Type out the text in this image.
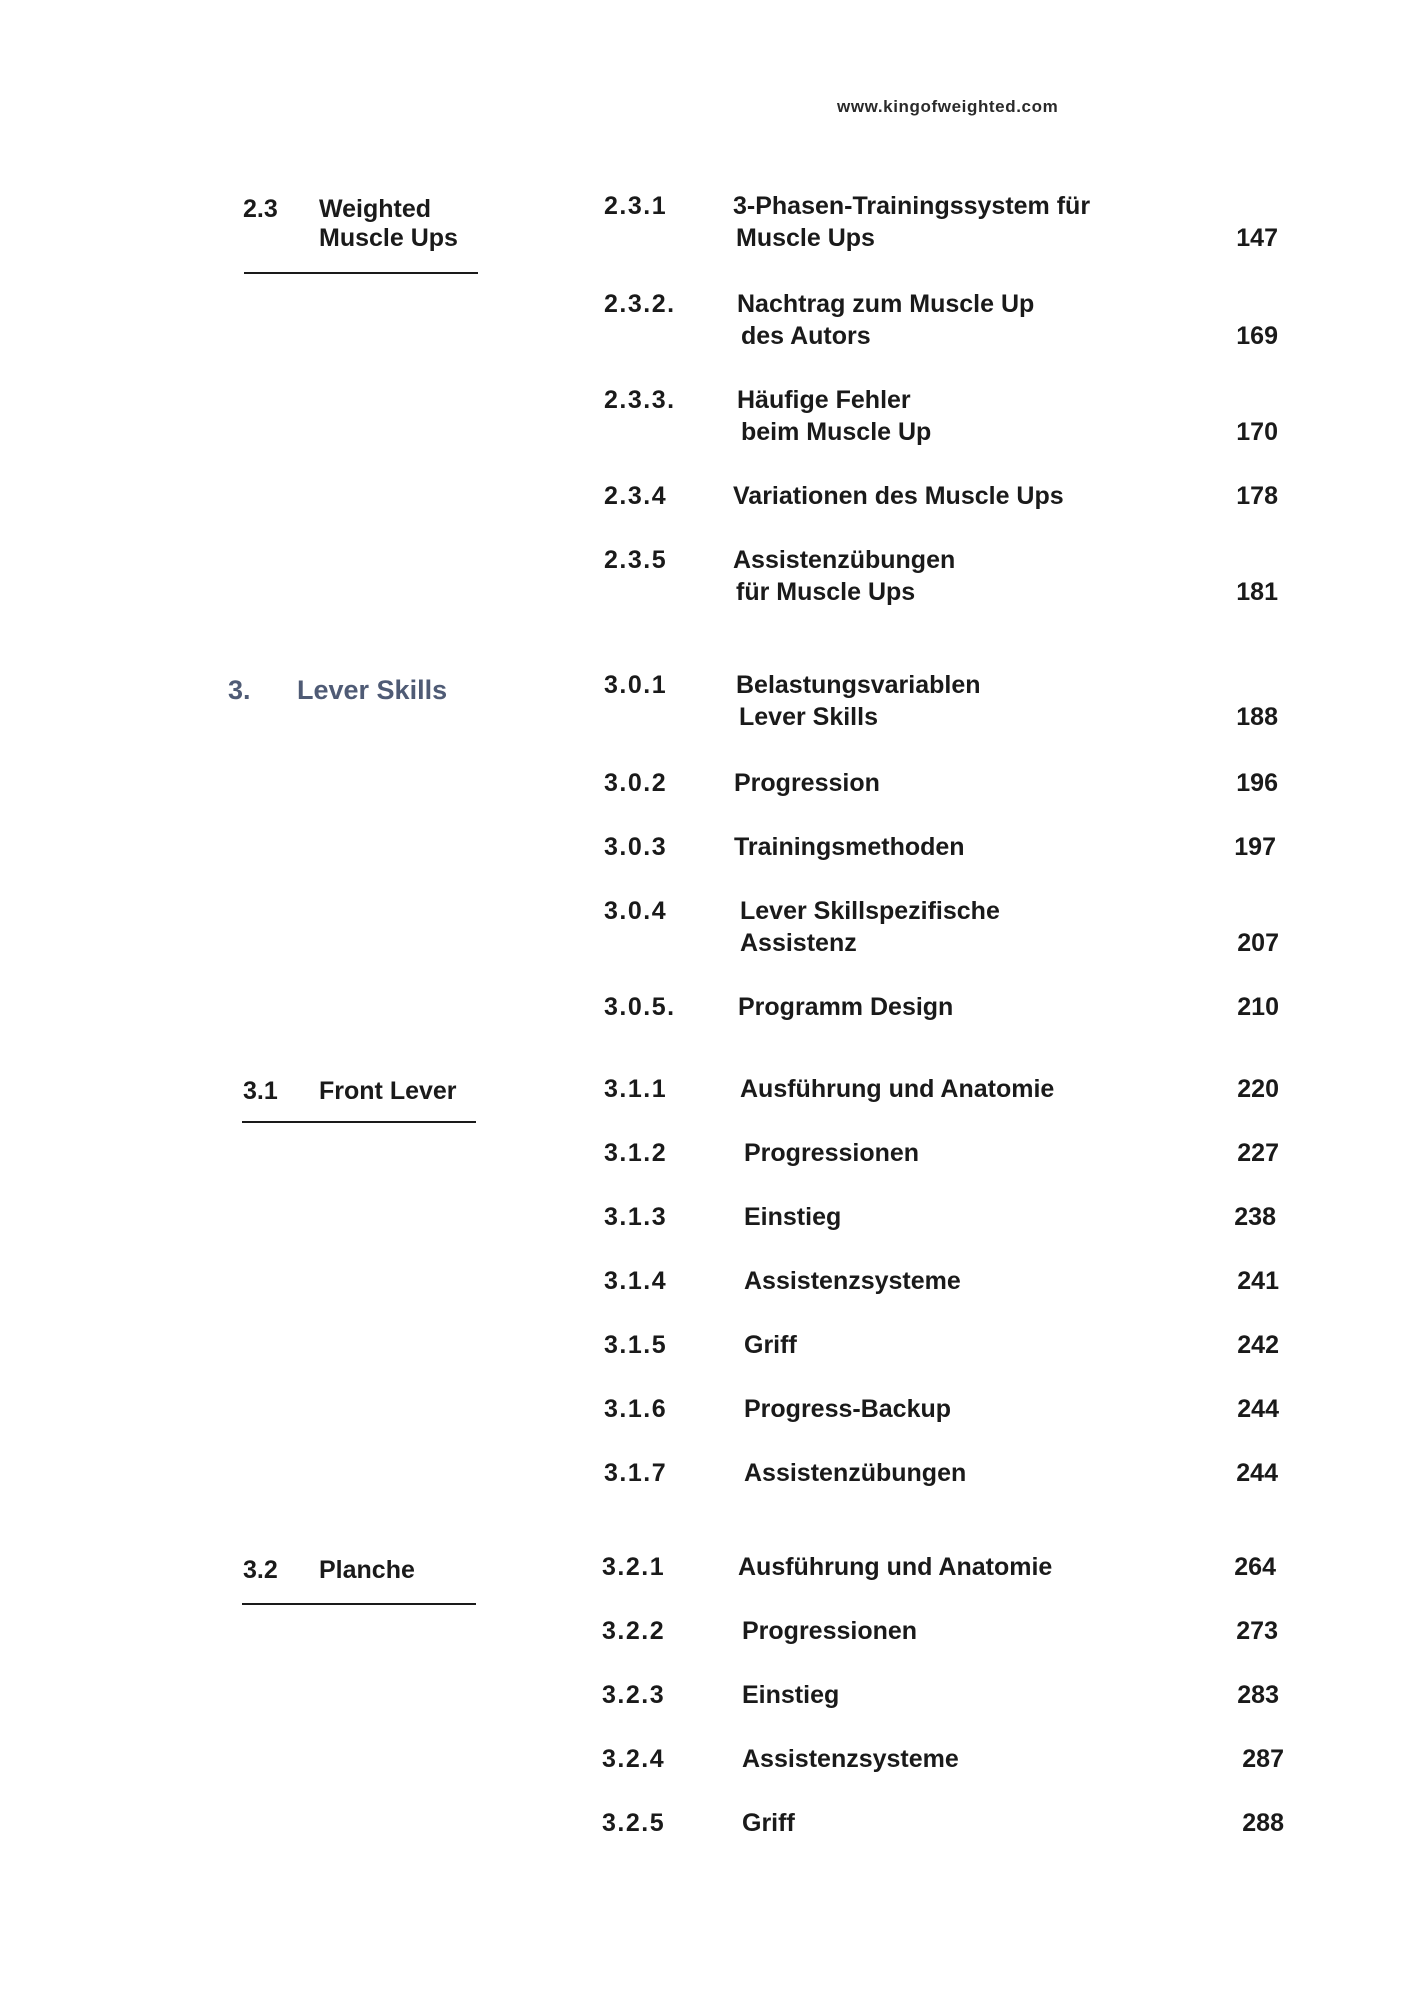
www.kingofweighted.com
2.3 Weighted
Muscle Ups
3. Lever Skills
3.1 Front Lever
3.2 Planche
2.3.1	3-Phasen-Trainingssystem für
Muscle Ups	147
2.3.2. Nachtrag zum Muscle Up
des Autors	169
2.3.3. Häufige Fehler
beim Muscle Up	170
2.3.4	Variationen des Muscle Ups	178
2.3.5	Assistenzübungen
für Muscle Ups	181
3.0.1	Belastungsvariablen
Lever Skills	188
3.0.2	Progression	196
3.0.3	Trainingsmethoden	197
3.0.4	Lever Skillspezifische
Assistenz	207
3.0.5. Programm Design	210
3.1.1	Ausführung und Anatomie	220
3.1.2	Progressionen	227
3.1.3	Einstieg	238
3.1.4	Assistenzsysteme	241
3.1.5	Griff	242
3.1.6	Progress-Backup	244
3.1.7	Assistenzübungen	244
3.2.1	Ausführung und Anatomie	264
3.2.2	Progressionen	273
3.2.3	Einstieg	283
3.2.4	Assistenzsysteme	287
3.2.5	Griff	288
